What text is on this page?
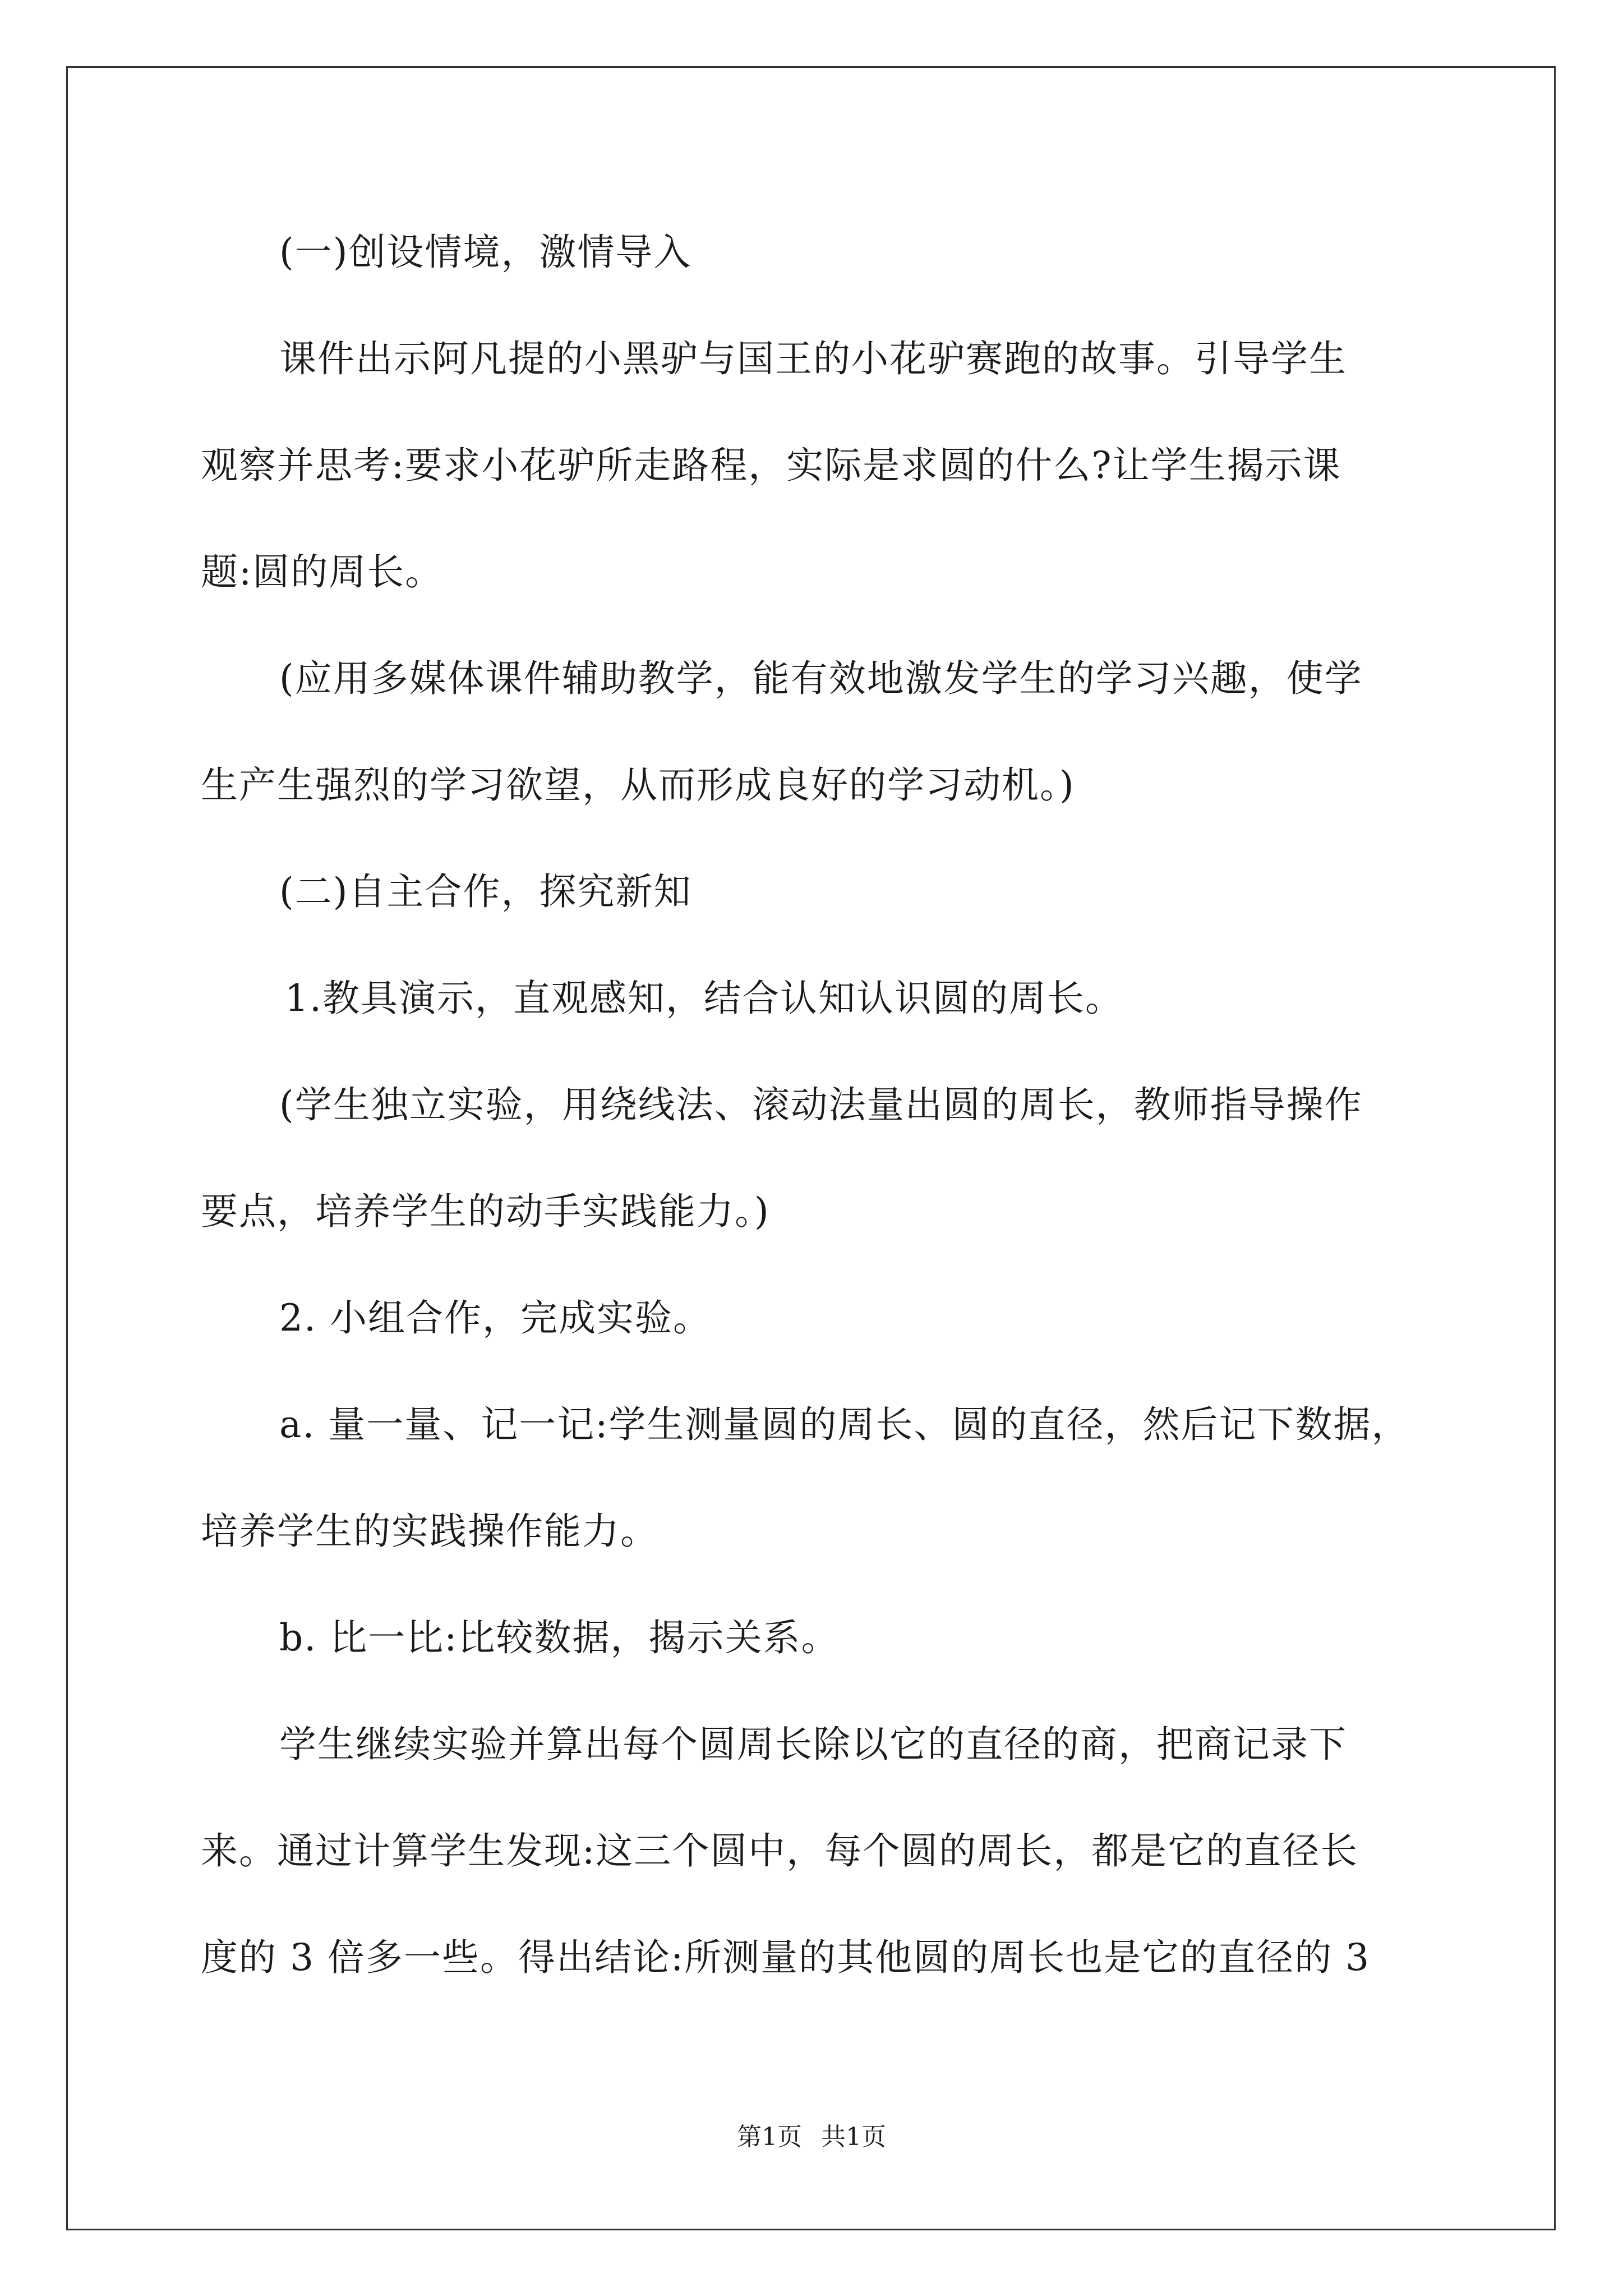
(一)创设情境，激情导入
课件出示阿凡提的小黑驴与国王的小花驴赛跑的故事。引导学生
观察并思考:要求小花驴所走路程，实际是求圆的什么?让学生揭示课
题:圆的周长。
(应用多媒体课件辅助教学，能有效地激发学生的学习兴趣，使学
生产生强烈的学习欲望，从而形成良好的学习动机。)
(二)自主合作，探究新知
1.教具演示，直观感知，结合认知认识圆的周长。
(学生独立实验，用绕线法、滚动法量出圆的周长，教师指导操作
要点，培养学生的动手实践能力。)
2. 小组合作，完成实验。
a. 量一量、记一记:学生测量圆的周长、圆的直径，然后记下数据，
培养学生的实践操作能力。
b. 比一比:比较数据，揭示关系。
学生继续实验并算出每个圆周长除以它的直径的商，把商记录下
来。通过计算学生发现:这三个圆中，每个圆的周长，都是它的直径长
度的 3 倍多一些。得出结论:所测量的其他圆的周长也是它的直径的 3
第1页 共1页
